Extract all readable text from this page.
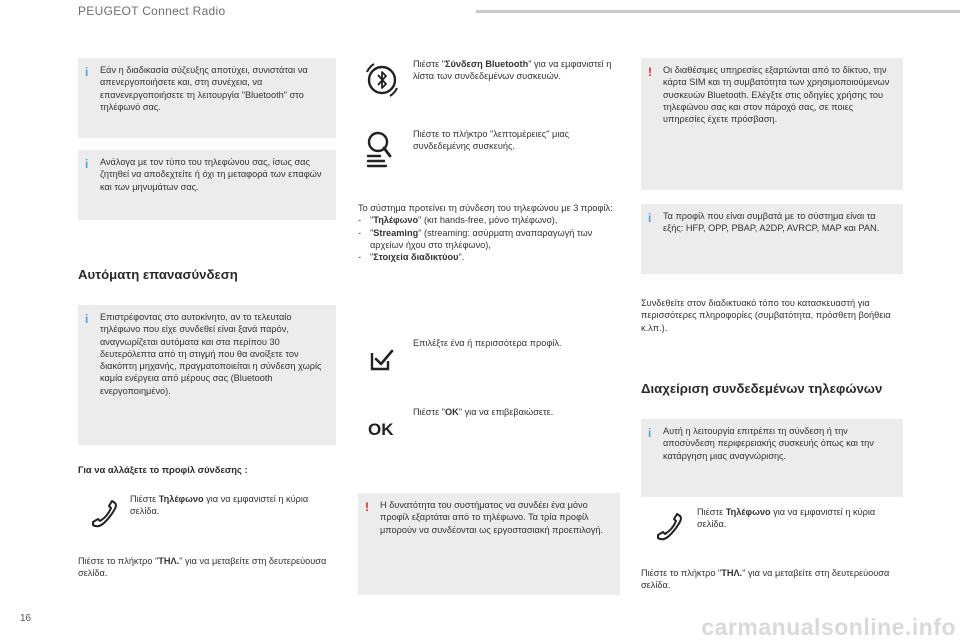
PEUGEOT Connect Radio
i Εάν η διαδικασία σύζευξης αποτύχει, συνιστάται να απενεργοποιήσετε και, στη συνέχεια, να επανενεργοποιήσετε τη λειτουργία "Bluetooth" στο τηλέφωνό σας.

i Ανάλογα με τον τύπο του τηλεφώνου σας, ίσως σας ζητηθεί να αποδεχτείτε ή όχι τη μεταφορά των επαφών και των μηνυμάτων σας.

Αυτόματη επανασύνδεση
i Επιστρέφοντας στο αυτοκίνητο, αν το τελευταίο τηλέφωνο που είχε συνδεθεί είναι ξανά παρόν, αναγνωρίζεται αυτόματα και στα περίπου 30 δευτερόλεπτα από τη στιγμή που θα ανοίξετε τον διακόπτη μηχανής, πραγματοποιείται η σύνδεση χωρίς καμία ενέργεια από μέρους σας (Bluetooth ενεργοποιημένο).

Για να αλλάξετε το προφίλ σύνδεσης :
Πιέστε Τηλέφωνο για να εμφανιστεί η κύρια σελίδα.
Πιέστε το πλήκτρο "ΤΗΛ." για να μεταβείτε στη δευτερεύουσα σελίδα.
Πιέστε "Σύνδεση Bluetooth" για να εμφανιστεί η λίστα των συνδεδεμένων συσκευών.
Πιέστε το πλήκτρο "λεπτομέρειες" μιας συνδεδεμένης συσκευής.

Το σύστημα προτείνει τη σύνδεση του τηλεφώνου με 3 προφίλ:

- "Τηλέφωνο" (κιτ hands-free, μόνο τηλέφωνο),
- "Streaming" (streaming: ασύρματη αναπαραγωγή των αρχείων ήχου στο τηλέφωνο),
- "Στοιχεία διαδικτύου".
Επιλέξτε ένα ή περισσότερα προφίλ.
OK
Πιέστε "OK" για να επιβεβαιώσετε.
! Η δυνατότητα του συστήματος να συνδέει ένα μόνο προφίλ εξαρτάται από το τηλέφωνο. Τα τρία προφίλ μπορούν να συνδέονται ως εργοστασιακή προεπιλογή.

! Οι διαθέσιμες υπηρεσίες εξαρτώνται από το δίκτυο, την κάρτα SIM και τη συμβατότητα των χρησιμοποιούμενων συσκευών Bluetooth. Ελέγξτε στις οδηγίες χρήσης του τηλεφώνου σας και στον πάροχό σας, σε ποιες υπηρεσίες έχετε πρόσβαση.

i Τα προφίλ που είναι συμβατά με το σύστημα είναι τα εξής: HFP, OPP, PBAP, A2DP, AVRCP, MAP και PAN.

Συνδεθείτε στον διαδικτυακό τόπο του κατασκευαστή για περισσότερες πληροφορίες (συμβατότητα, πρόσθετη βοήθεια κ.λπ.).
Διαχείριση συνδεδεμένων τηλεφώνων
i Αυτή η λειτουργία επιτρέπει τη σύνδεση ή την αποσύνδεση περιφερειακής συσκευής όπως και την κατάργηση μιας αναγνώρισης.

Πιέστε Τηλέφωνο για να εμφανιστεί η κύρια σελίδα.
Πιέστε το πλήκτρο "ΤΗΛ." για να μεταβείτε στη δευτερεύουσα σελίδα.
16	carmanualsonline.info
